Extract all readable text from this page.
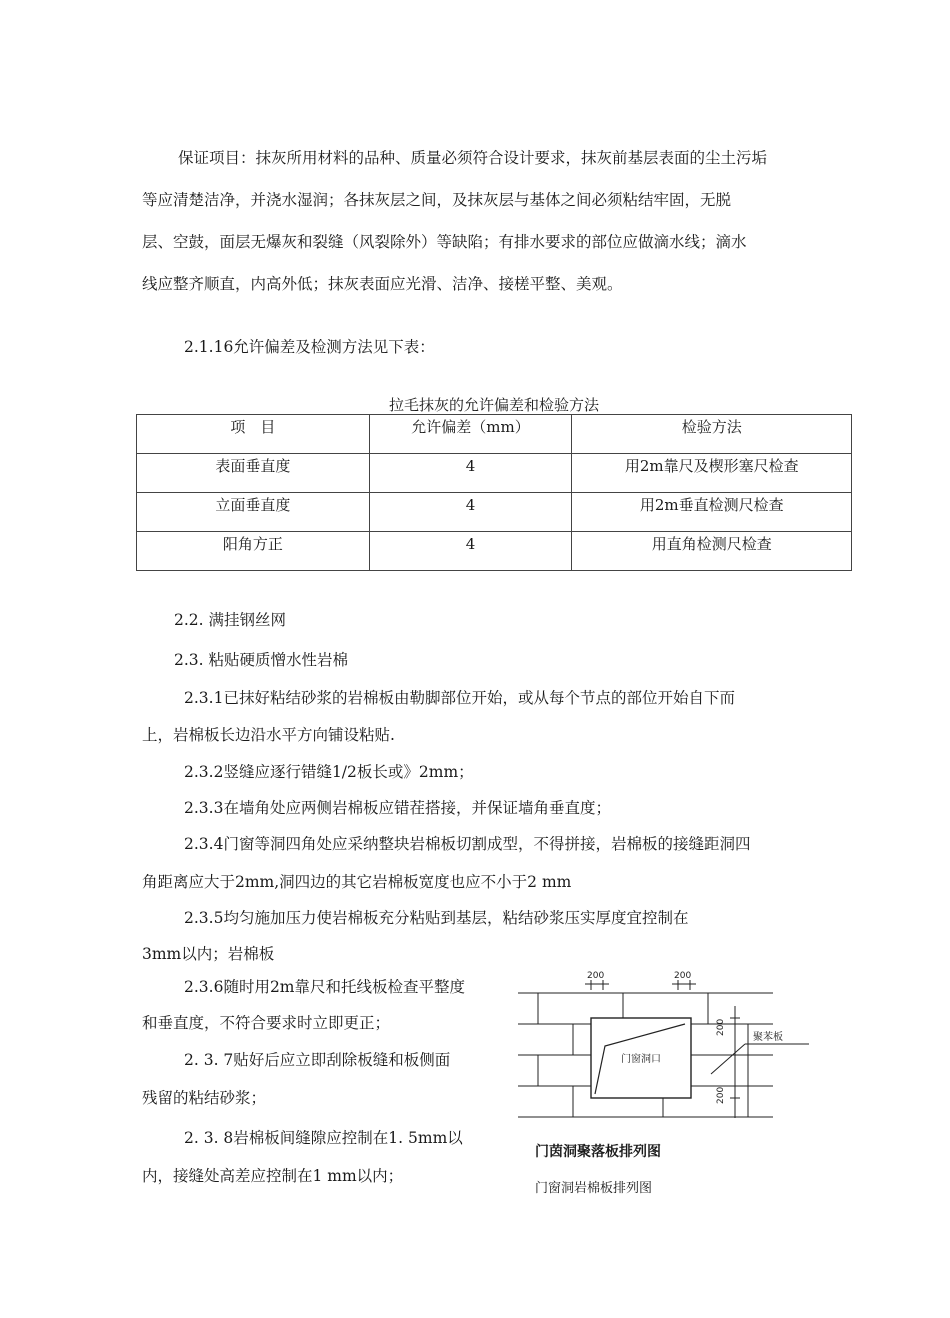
保证项目：抹灰所用材料的品种、质量必须符合设计要求，抹灰前基层表面的尘土污垢
等应清楚洁净，并浇水湿润；各抹灰层之间，及抹灰层与基体之间必须粘结牢固，无脱
层、空鼓，面层无爆灰和裂缝（风裂除外）等缺陷；有排水要求的部位应做滴水线；滴水
线应整齐顺直，内高外低；抹灰表面应光滑、洁净、接槎平整、美观。
2.1.16允许偏差及检测方法见下表：
拉毛抹灰的允许偏差和检验方法
项　目	允许偏差（mm）	检验方法
表面垂直度	4	用2m靠尺及楔形塞尺检查
立面垂直度	4	用2m垂直检测尺检查
阳角方正	4	用直角检测尺检查
2.2. 满挂钢丝网
2.3. 粘贴硬质憎水性岩棉
2.3.1已抹好粘结砂浆的岩棉板由勒脚部位开始，或从每个节点的部位开始自下而
上，岩棉板长边沿水平方向铺设粘贴.
2.3.2竖缝应逐行错缝1/2板长或》2mm；
2.3.3在墙角处应两侧岩棉板应错茬搭接，并保证墙角垂直度；
2.3.4门窗等洞四角处应采纳整块岩棉板切割成型，不得拼接，岩棉板的接缝距洞四
角距离应大于2mm,洞四边的其它岩棉板宽度也应不小于2 mm
2.3.5均匀施加压力使岩棉板充分粘贴到基层，粘结砂浆压实厚度宜控制在
3mm以内；岩棉板
2.3.6随时用2m靠尺和托线板检查平整度
和垂直度，不符合要求时立即更正；
2. 3. 7贴好后应立即刮除板缝和板侧面
残留的粘结砂浆；
2. 3. 8岩棉板间缝隙应控制在1. 5mm以
内，接缝处高差应控制在1 mm以内；
200	200
200
200
门窗洞口
聚苯板
门茵洞聚落板排列图
门窗洞岩棉板排列图
